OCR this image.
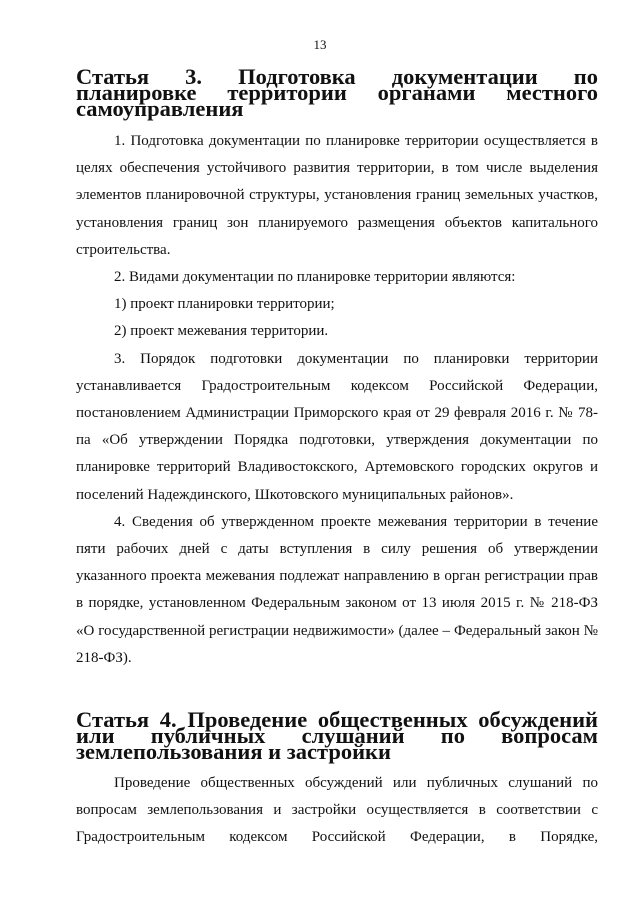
13
Статья 3. Подготовка документации по планировке территории органами местного самоуправления

1. Подготовка документации по планировке территории осуществляется в целях обеспечения устойчивого развития территории, в том числе выделения элементов планировочной структуры, установления границ земельных участков, установления границ зон планируемого размещения объектов капитального строительства.

2. Видами документации по планировке территории являются:

1) проект планировки территории;

2) проект межевания территории.

3. Порядок подготовки документации по планировки территории устанавливается Градостроительным кодексом Российской Федерации, постановлением Администрации Приморского края от 29 февраля 2016 г. № 78-па «Об утверждении Порядка подготовки, утверждения документации по планировке территорий Владивостокского, Артемовского городских округов и поселений Надеждинского, Шкотовского муниципальных районов».

4. Сведения об утвержденном проекте межевания территории в течение пяти рабочих дней с даты вступления в силу решения об утверждении указанного проекта межевания подлежат направлению в орган регистрации прав в порядке, установленном Федеральным законом от 13 июля 2015 г. № 218-ФЗ «О государственной регистрации недвижимости» (далее – Федеральный закон № 218-ФЗ).

Статья 4. Проведение общественных обсуждений или публичных слушаний по вопросам землепользования и застройки

Проведение общественных обсуждений или публичных слушаний по вопросам землепользования и застройки осуществляется в соответствии с Градостроительным кодексом Российской Федерации, в Порядке,
